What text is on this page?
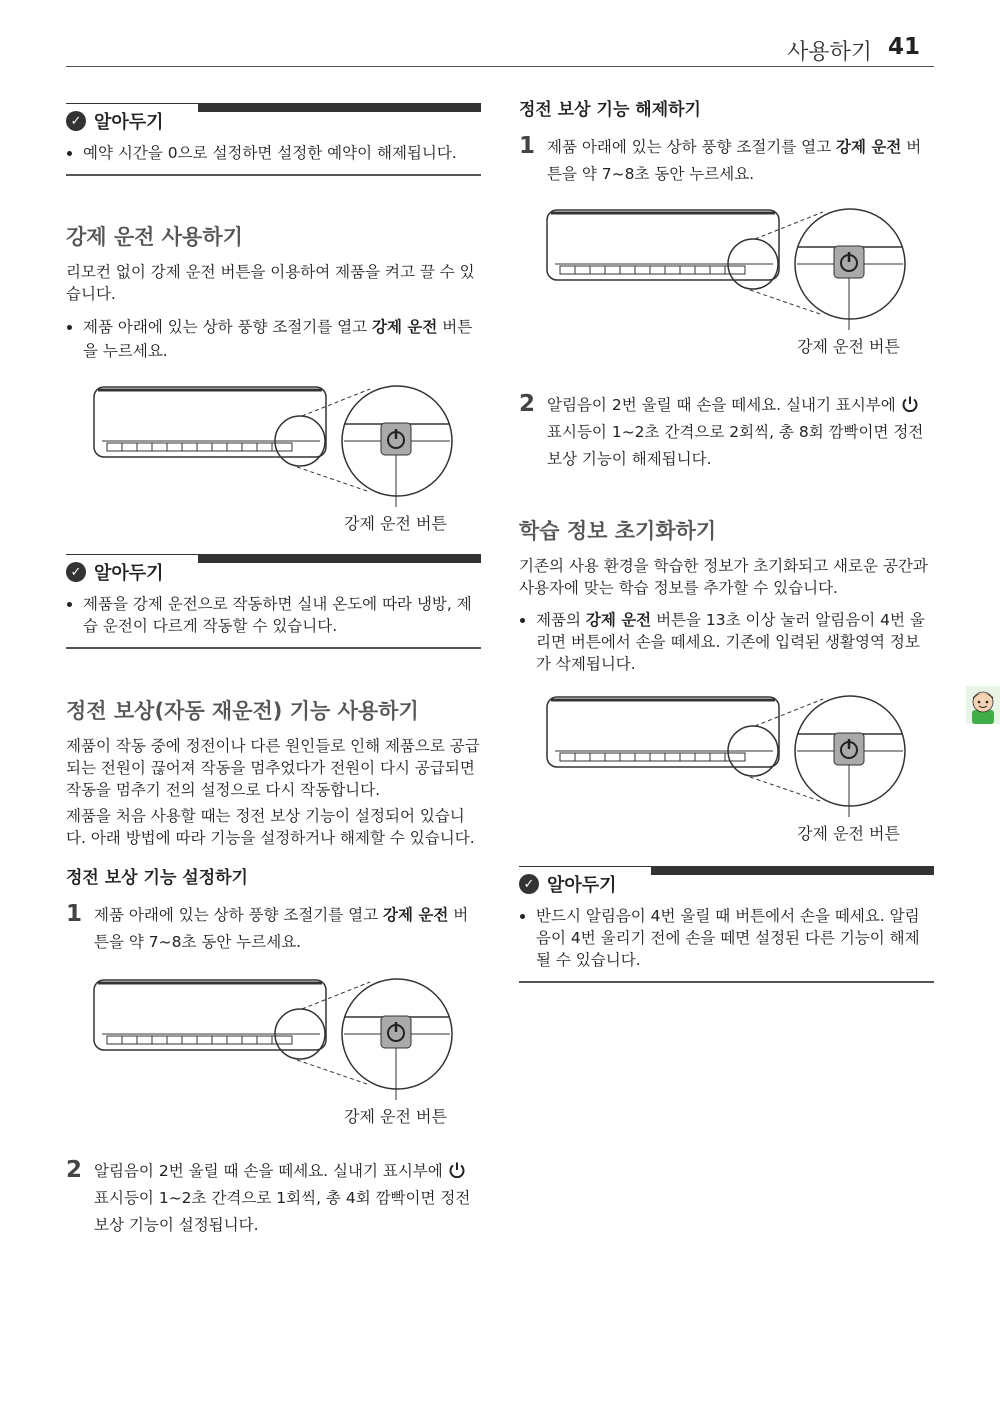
사용하기 41
✓ 알아두기
• 예약 시간을 0으로 설정하면 설정한 예약이 해제됩니다.
강제 운전 사용하기

리모컨 없이 강제 운전 버튼을 이용하여 제품을 켜고 끌 수 있습니다.

• 제품 아래에 있는 상하 풍향 조절기를 열고 강제 운전 버튼을 누르세요.
강제 운전 버튼
✓ 알아두기
• 제품을 강제 운전으로 작동하면 실내 온도에 따라 냉방, 제습 운전이 다르게 작동할 수 있습니다.
정전 보상(자동 재운전) 기능 사용하기

제품이 작동 중에 정전이나 다른 원인들로 인해 제품으로 공급되는 전원이 끊어져 작동을 멈추었다가 전원이 다시 공급되면 작동을 멈추기 전의 설정으로 다시 작동합니다.

제품을 처음 사용할 때는 정전 보상 기능이 설정되어 있습니다. 아래 방법에 따라 기능을 설정하거나 해제할 수 있습니다.

정전 보상 기능 설정하기
1 제품 아래에 있는 상하 풍향 조절기를 열고 강제 운전 버튼을 약 7~8초 동안 누르세요.
강제 운전 버튼
2 알림음이 2번 울릴 때 손을 떼세요. 실내기 표시부에  표시등이 1~2초 간격으로 1회씩, 총 4회 깜빡이면 정전 보상 기능이 설정됩니다.
정전 보상 기능 해제하기
1 제품 아래에 있는 상하 풍향 조절기를 열고 강제 운전 버튼을 약 7~8초 동안 누르세요.
강제 운전 버튼
2 알림음이 2번 울릴 때 손을 떼세요. 실내기 표시부에  표시등이 1~2초 간격으로 2회씩, 총 8회 깜빡이면 정전 보상 기능이 해제됩니다.
학습 정보 초기화하기

기존의 사용 환경을 학습한 정보가 초기화되고 새로운 공간과 사용자에 맞는 학습 정보를 추가할 수 있습니다.

• 제품의 강제 운전 버튼을 13초 이상 눌러 알림음이 4번 울리면 버튼에서 손을 떼세요. 기존에 입력된 생활영역 정보가 삭제됩니다.
강제 운전 버튼
✓ 알아두기
• 반드시 알림음이 4번 울릴 때 버튼에서 손을 떼세요. 알림음이 4번 울리기 전에 손을 떼면 설정된 다른 기능이 해제될 수 있습니다.
